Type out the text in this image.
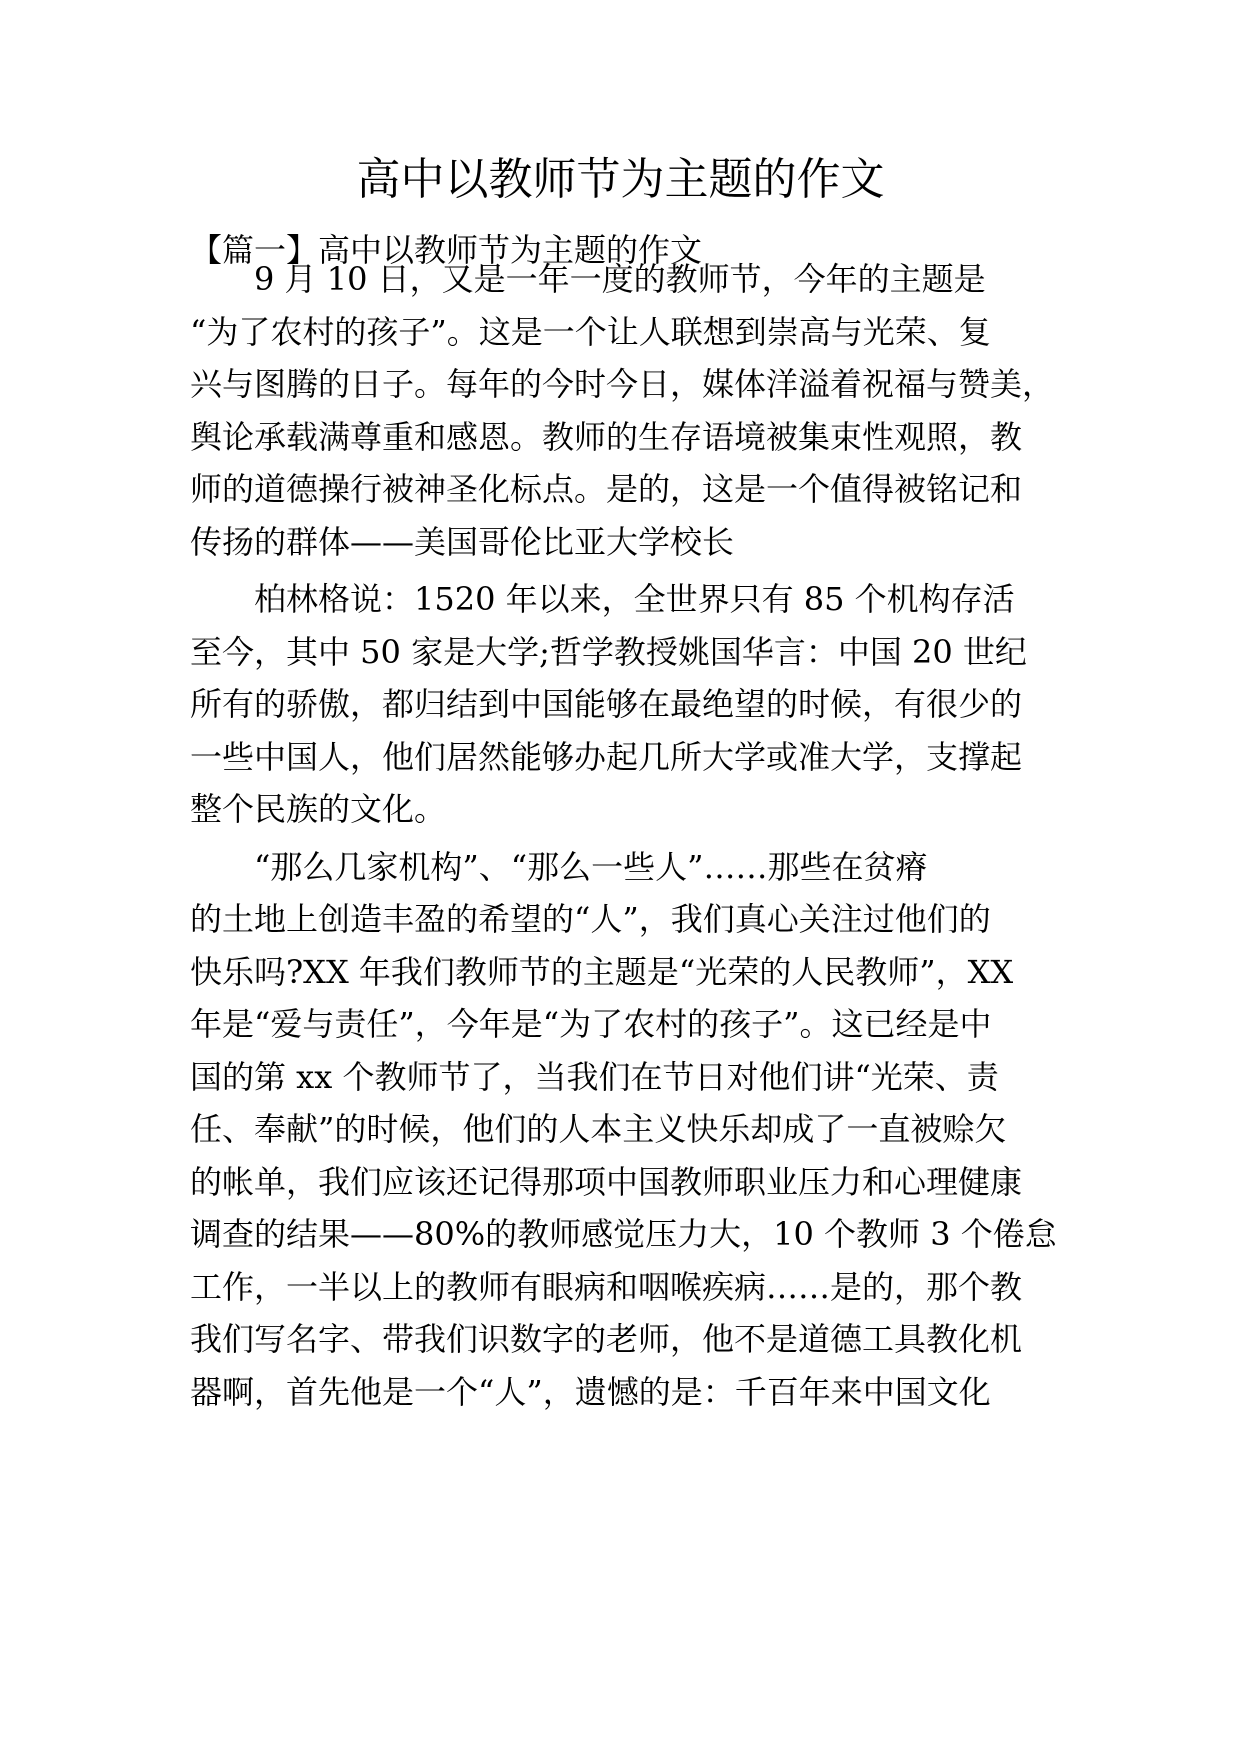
高中以教师节为主题的作文
【篇一】高中以教师节为主题的作文
　　9 月 10 日，又是一年一度的教师节，今年的主题是
“为了农村的孩子”。这是一个让人联想到崇高与光荣、复
兴与图腾的日子。每年的今时今日，媒体洋溢着祝福与赞美，
舆论承载满尊重和感恩。教师的生存语境被集束性观照，教
师的道德操行被神圣化标点。是的，这是一个值得被铭记和
传扬的群体——美国哥伦比亚大学校长
　　柏林格说：1520 年以来，全世界只有 85 个机构存活
至今，其中 50 家是大学;哲学教授姚国华言：中国 20 世纪
所有的骄傲，都归结到中国能够在最绝望的时候，有很少的
一些中国人，他们居然能够办起几所大学或准大学，支撑起
整个民族的文化。
　　“那么几家机构”、“那么一些人”……那些在贫瘠
的土地上创造丰盈的希望的“人”，我们真心关注过他们的
快乐吗?XX 年我们教师节的主题是“光荣的人民教师”，XX
年是“爱与责任”，今年是“为了农村的孩子”。这已经是中
国的第 xx 个教师节了，当我们在节日对他们讲“光荣、责
任、奉献”的时候，他们的人本主义快乐却成了一直被赊欠
的帐单，我们应该还记得那项中国教师职业压力和心理健康
调查的结果——80%的教师感觉压力大，10 个教师 3 个倦怠
工作，一半以上的教师有眼病和咽喉疾病……是的，那个教
我们写名字、带我们识数字的老师，他不是道德工具教化机
器啊，首先他是一个“人”，遗憾的是：千百年来中国文化
